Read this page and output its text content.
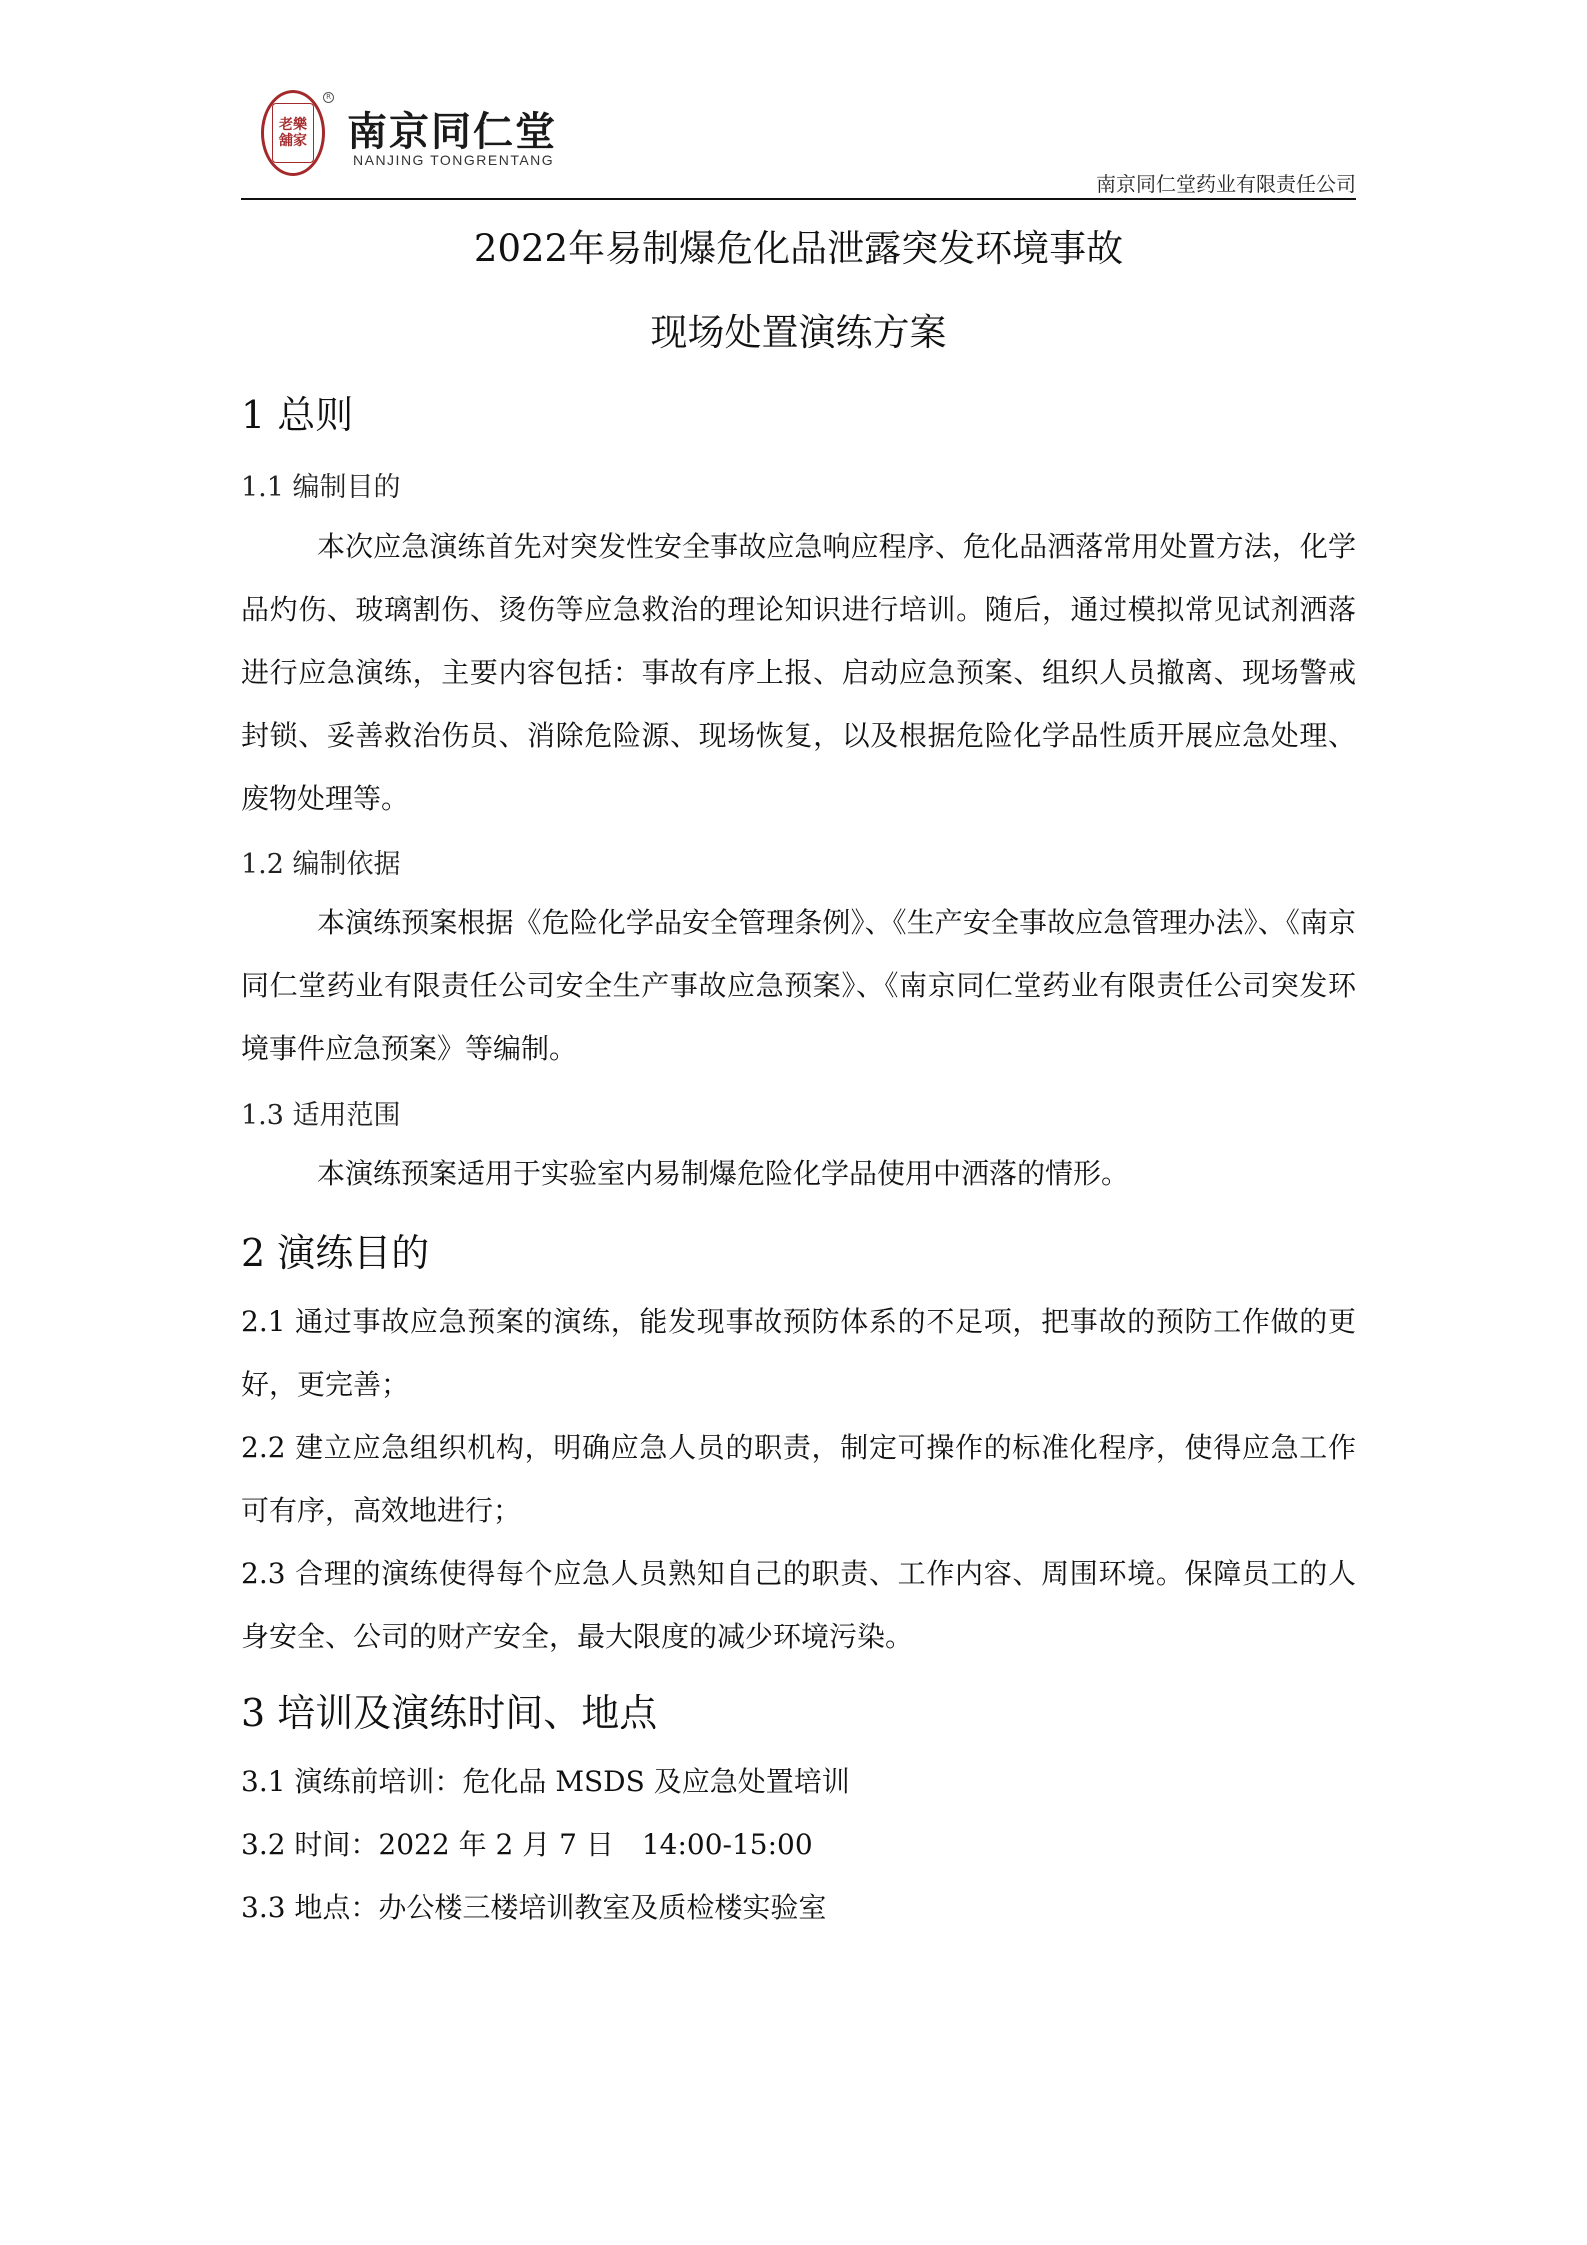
老樂
舖家
R
南京同仁堂
NANJING TONGRENTANG
南京同仁堂药业有限责任公司
2022年易制爆危化品泄露突发环境事故
现场处置演练方案
1 总则
1.1 编制目的
本次应急演练首先对突发性安全事故应急响应程序、危化品洒落常用处置方法，化学品灼伤、玻璃割伤、烫伤等应急救治的理论知识进行培训。随后，通过模拟常见试剂洒落进行应急演练，主要内容包括：事故有序上报、启动应急预案、组织人员撤离、现场警戒封锁、妥善救治伤员、消除危险源、现场恢复，以及根据危险化学品性质开展应急处理、废物处理等。
1.2 编制依据
本演练预案根据《危险化学品安全管理条例》、《生产安全事故应急管理办法》、《南京同仁堂药业有限责任公司安全生产事故应急预案》、《南京同仁堂药业有限责任公司突发环境事件应急预案》等编制。
1.3 适用范围
本演练预案适用于实验室内易制爆危险化学品使用中洒落的情形。
2 演练目的
2.1 通过事故应急预案的演练，能发现事故预防体系的不足项，把事故的预防工作做的更好，更完善；
2.2 建立应急组织机构，明确应急人员的职责，制定可操作的标准化程序，使得应急工作可有序，高效地进行；
2.3 合理的演练使得每个应急人员熟知自己的职责、工作内容、周围环境。保障员工的人身安全、公司的财产安全，最大限度的减少环境污染。
3 培训及演练时间、地点
3.1 演练前培训：危化品 MSDS 及应急处置培训
3.2 时间：2022 年 2 月 7 日　14:00-15:00
3.3 地点：办公楼三楼培训教室及质检楼实验室
